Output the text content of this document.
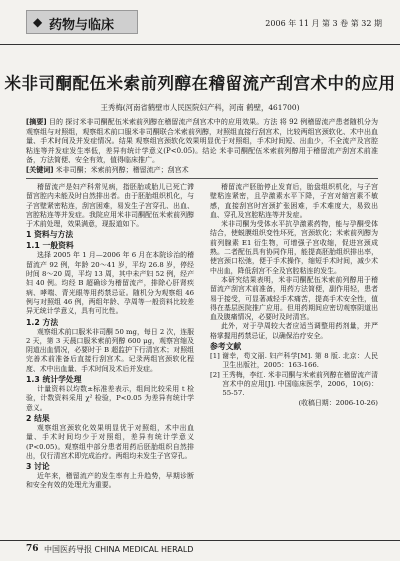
◆ 药物与临床	2006 年 11 月 第 3 卷 第 32 期
米非司酮配伍米索前列醇在稽留流产刮宫术中的应用
王秀梅(河南省鹤壁市人民医院妇产科，河南 鹤壁，461700)
[摘要] 目的 探讨米非司酮配伍米索前列醇在稽留流产刮宫术中的应用效果。方法 将 92 例稽留流产患者随机分为观察组与对照组，观察组术前口服米非司酮联合米索前列醇，对照组直接行刮宫术，比较两组宫颈软化、术中出血量、手术时间及并发症情况。结果 观察组宫颈软化效果明显优于对照组，手术时间短、出血少，不全流产及宫腔粘连等并发症发生率低，差异有统计学意义(P<0.05)。结论 米非司酮配伍米索前列醇用于稽留流产刮宫术前准备，方法简便、安全有效，值得临床推广。
[关键词] 米非司酮；米索前列醇；稽留流产；刮宫术

稽留流产是妇产科常见病，指胚胎或胎儿已死亡滞留宫腔内未能及时自然排出者。由于胚胎组织机化，与子宫壁紧密粘连，刮宫困难，易发生子宫穿孔、出血、宫腔粘连等并发症。我院应用米非司酮配伍米索前列醇于术前处理，效果满意，现报道如下。

1 资料与方法
1.1 一般资料

选择 2005 年 1 月—2006 年 6 月在本院诊治的稽留流产 92 例，年龄 20～41 岁，平均 26.8 岁，停经时间 8～20 周，平均 13 周，其中未产妇 52 例，经产妇 40 例。均经 B 超确诊为稽留流产，排除心肝肾疾病、哮喘、青光眼等用药禁忌证。随机分为观察组 46 例与对照组 46 例，两组年龄、孕周等一般资料比较差异无统计学意义，具有可比性。

1.2 方法

观察组术前口服米非司酮 50 mg，每日 2 次，连服 2 天，第 3 天晨口服米索前列醇 600 μg，观察宫缩及阴道出血情况，必要时于 B 超监护下行清宫术；对照组完善术前准备后直接行刮宫术。记录两组宫颈软化程度、术中出血量、手术时间及术后并发症。

1.3 统计学处理

计量资料以均数±标准差表示，组间比较采用 t 检验，计数资料采用 χ² 检验，P<0.05 为差异有统计学意义。

2 结果

观察组宫颈软化效果明显优于对照组，术中出血量、手术时间均少于对照组，差异有统计学意义(P<0.05)。观察组中部分患者用药后胚胎组织自然排出，仅行清宫术即完成治疗。两组均未发生子宫穿孔。

3 讨论

近年来，稽留流产的发生率有上升趋势，早期诊断和安全有效的处理尤为重要。

稽留流产胚胎停止发育后，胎盘组织机化，与子宫壁粘连紧密，且孕激素水平下降，子宫对缩宫素不敏感，直接刮宫时宫颈扩张困难，手术难度大，易致出血、穿孔及宫腔粘连等并发症。

米非司酮为受体水平抗孕激素药物，能与孕酮受体结合，使蜕膜组织变性坏死，宫颈软化；米索前列醇为前列腺素 E1 衍生物，可增强子宫收缩，促进宫颈成熟。二者配伍具有协同作用，能提高胚胎组织排出率，使宫颈口松弛，便于手术操作，缩短手术时间，减少术中出血，降低刮宫不全及宫腔粘连的发生。

本研究结果表明，米非司酮配伍米索前列醇用于稽留流产刮宫术前准备，用药方法简便，副作用轻，患者易于接受，可显著减轻手术痛苦，提高手术安全性，值得在基层医院推广应用。但用药期间应密切观察阴道出血及腹痛情况，必要时及时清宫。

此外，对于孕周较大者应适当调整用药剂量，并严格掌握用药禁忌证，以确保治疗安全。

参考文献

[1] 谢幸，苟文丽. 妇产科学[M]. 第 8 版. 北京：人民卫生出版社，2005：163-166.

[2] 王秀梅，李红. 米非司酮与米索前列醇在稽留流产清宫术中的应用[J]. 中国临床医学，2006，10(6)：55-57.

(收稿日期：2006-10-26)

76 中国医药导报 CHINA MEDICAL HERALD
